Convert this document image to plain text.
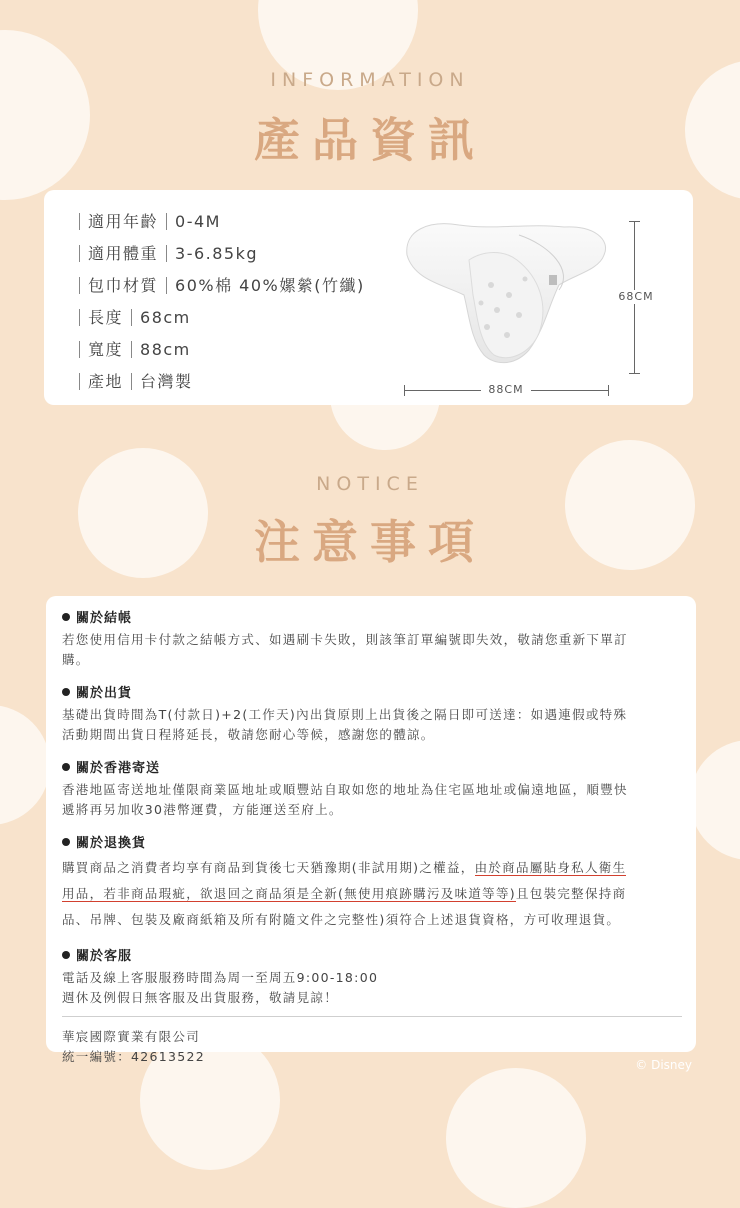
INFORMATION
產品資訊
適用年齡 0-4M
適用體重 3-6.85kg
包巾材質 60%棉 40%嫘縈(竹纖)
長度 68cm
寬度 88cm
產地 台灣製
68CM
88CM
NOTICE
注意事項
關於結帳
若您使用信用卡付款之結帳方式、如遇刷卡失敗，則該筆訂單編號即失效，敬請您重新下單訂
購。
關於出貨
基礎出貨時間為T(付款日)+2(工作天)內出貨原則上出貨後之隔日即可送達：如遇連假或特殊
活動期間出貨日程將延長，敬請您耐心等候，感謝您的體諒。
關於香港寄送
香港地區寄送地址僅限商業區地址或順豐站自取如您的地址為住宅區地址或偏遠地區，順豐快
遞將再另加收30港幣運費，方能運送至府上。
關於退換貨
購買商品之消費者均享有商品到貨後七天猶豫期(非試用期)之權益，由於商品屬貼身私人衛生
用品，若非商品瑕疵，欲退回之商品須是全新(無使用痕跡購污及味道等等)且包裝完整保持商
品、吊牌、包裝及廠商紙箱及所有附隨文件之完整性)須符合上述退貨資格，方可收理退貨。
關於客服
電話及線上客服服務時間為周一至周五9:00-18:00
週休及例假日無客服及出貨服務，敬請見諒！
華宸國際實業有限公司
統一編號：42613522
© Disney
